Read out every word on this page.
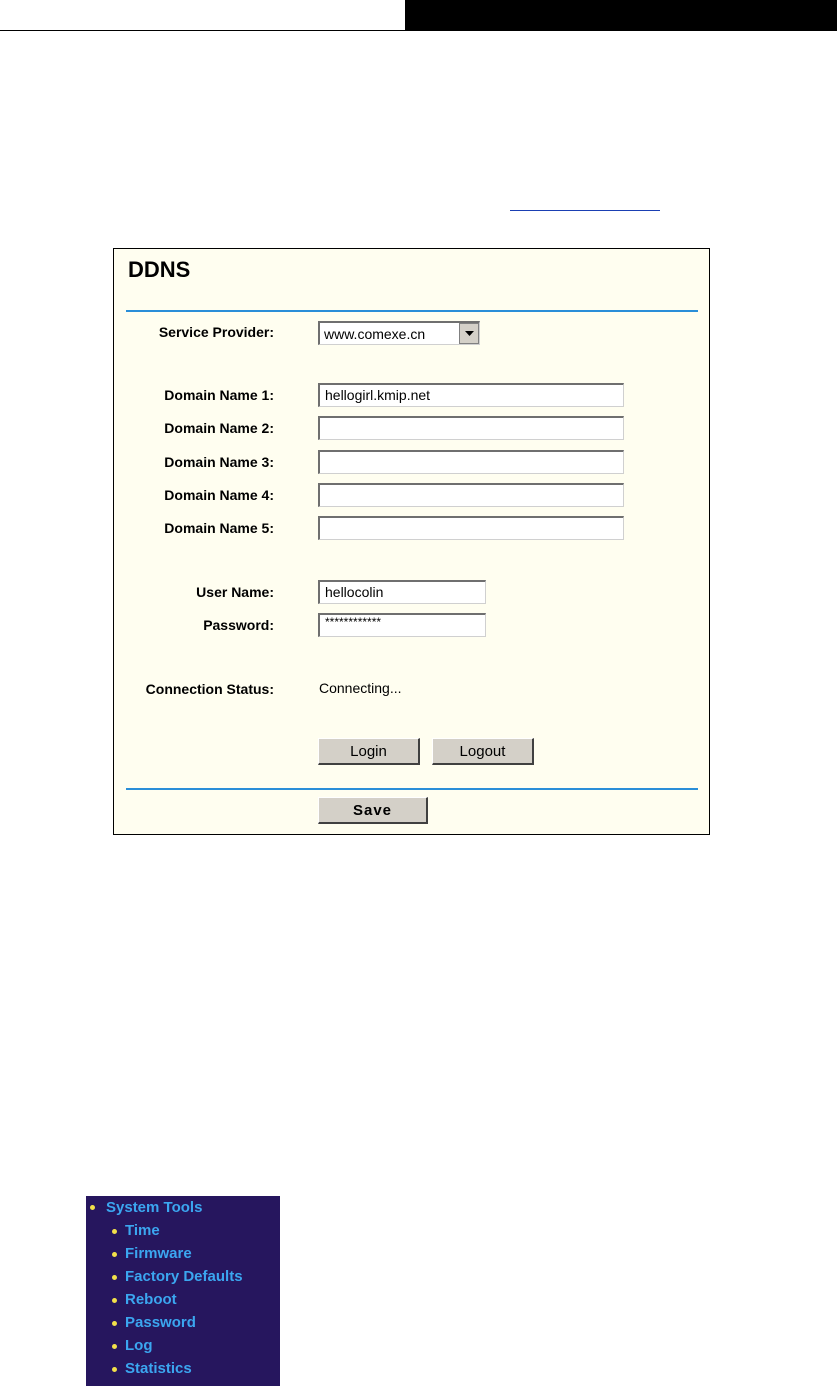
DDNS
Service Provider:	www.comexe.cn
Domain Name 1:	hellogirl.kmip.net
Domain Name 2:
Domain Name 3:
Domain Name 4:
Domain Name 5:
User Name:	hellocolin
Password:	************
Connection Status:	Connecting...
Login	Logout
Save
System Tools
Time
Firmware
Factory Defaults
Reboot
Password
Log
Statistics
